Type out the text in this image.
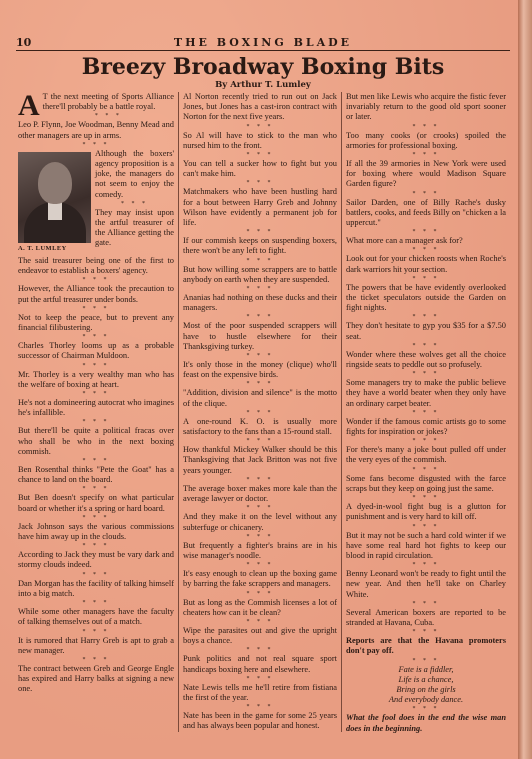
10	THE BOXING BLADE
Breezy Broadway Boxing Bits
By Arthur T. Lumley

A T the next meeting of Sports Alliance there'll probably be a battle royal.

* * *

Leo P. Flynn, Joe Woodman, Benny Mead and other managers are up in arms.

* * *
A. T. LUMLEY

Although the boxers' agency proposition is a joke, the managers do not seem to enjoy the comedy.

* * *

They may insist upon the artful treasurer of the Alliance getting the gate.

The said treasurer being one of the first to endeavor to establish a boxers' agency.

* * *

However, the Alliance took the precaution to put the artful treasurer under bonds.

* * *

Not to keep the peace, but to prevent any financial filibustering.

* * *

Charles Thorley looms up as a probable successor of Chairman Muldoon.

* * *

Mr. Thorley is a very wealthy man who has the welfare of boxing at heart.

* * *

He's not a domineering autocrat who imagines he's infallible.

* * *

But there'll be quite a political fracas over who shall be who in the next boxing commish.

* * *

Ben Rosenthal thinks "Pete the Goat" has a chance to land on the board.

* * *

But Ben doesn't specify on what particular board or whether it's a spring or hard board.

* * *

Jack Johnson says the various commissions have him away up in the clouds.

* * *

According to Jack they must be vary dark and stormy clouds indeed.

* * *

Dan Morgan has the facility of talking himself into a big match.

* * *

While some other managers have the faculty of talking themselves out of a match.

* * *

It is rumored that Harry Greb is apt to grab a new manager.

* * *

The contract between Greb and George Engle has expired and Harry balks at signing a new one.

Al Norton recently tried to run out on Jack Jones, but Jones has a cast-iron contract with Norton for the next five years.

* * *

So Al will have to stick to the man who nursed him to the front.

* * *

You can tell a sucker how to fight but you can't make him.

* * *

Matchmakers who have been hustling hard for a bout between Harry Greb and Johnny Wilson have evidently a permanent job for life.

* * *

If our commish keeps on suspending boxers, there won't be any left to fight.

* * *

But how willing some scrappers are to battle anybody on earth when they are suspended.

* * *

Ananias had nothing on these ducks and their managers.

* * *

Most of the poor suspended scrappers will have to hustle elsewhere for their Thanksgiving turkey.

* * *

It's only those in the money (clique) who'll feast on the expensive birds.

* * *

"Addition, division and silence" is the motto of the clique.

* * *

A one-round K. O. is usually more satisfactory to the fans than a 15-round stall.

* * *

How thankful Mickey Walker should be this Thanksgiving that Jack Britton was not five years younger.

* * *

The average boxer makes more kale than the average lawyer or doctor.

* * *

And they make it on the level without any subterfuge or chicanery.

* * *

But frequently a fighter's brains are in his wise manager's noodle.

* * *

It's easy enough to clean up the boxing game by barring the fake scrappers and managers.

* * *

But as long as the Commish licenses a lot of cheaters how can it be clean?

* * *

Wipe the parasites out and give the upright boys a chance.

* * *

Punk politics and not real square sport handicaps boxing here and elsewhere.

* * *

Nate Lewis tells me he'll retire from fistiana the first of the year.

* * *

Nate has been in the game for some 25 years and has always been popular and honest.

But men like Lewis who acquire the fistic fever invariably return to the good old sport sooner or later.

* * *

Too many cooks (or crooks) spoiled the armories for professional boxing.

* * *

If all the 39 armories in New York were used for boxing where would Madison Square Garden figure?

* * *

Sailor Darden, one of Billy Rache's dusky battlers, cooks, and feeds Billy on "chicken a la uppercut."

* * *

What more can a manager ask for?

* * *

Look out for your chicken roosts when Roche's dark warriors hit your section.

* * *

The powers that be have evidently overlooked the ticket speculators outside the Garden on fight nights.

* * *

They don't hesitate to gyp you $35 for a $7.50 seat.

* * *

Wonder where these wolves get all the choice ringside seats to peddle out so profusely.

* * *

Some managers try to make the public believe they have a world beater when they only have an ordinary carpet beater.

* * *

Wonder if the famous comic artists go to some fights for inspiration or jokes?

* * *

For there's many a joke bout pulled off under the very eyes of the commish.

* * *

Some fans become disgusted with the farce scraps but they keep on going just the same.

* * *

A dyed-in-wool fight bug is a glutton for punishment and is very hard to kill off.

* * *

But it may not be such a hard cold winter if we have some real hard hot fights to keep our blood in rapid circulation.

* * *

Benny Leonard won't be ready to fight until the new year. And then he'll take on Charley White.

* * *

Several American boxers are reported to be stranded at Havana, Cuba.

* * *

Reports are that the Havana promoters don't pay off.

* * *
Fate is a fiddler,
Life is a chance,
Bring on the girls
And everybody dance.
* * *

What the fool does in the end the wise man does in the beginning.
